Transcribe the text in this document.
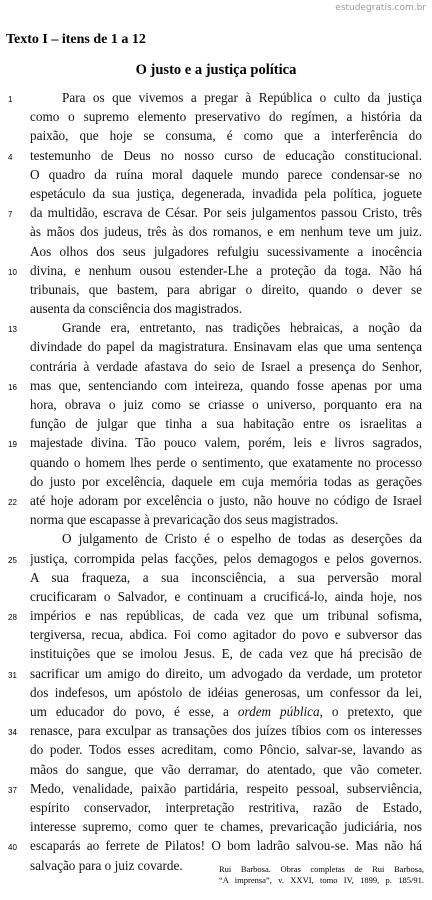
estudegratis.com.br
Texto I – itens de 1 a 12
O justo e a justiça política
1	Para os que vivemos a pregar à República o culto da justiça
como o supremo elemento preservativo do regímen, a história da
paixão, que hoje se consuma, é como que a interferência do
4 testemunho de Deus no nosso curso de educação constitucional.
O quadro da ruína moral daquele mundo parece condensar-se no
espetáculo da sua justiça, degenerada, invadida pela política, joguete
7 da multidão, escrava de César. Por seis julgamentos passou Cristo, três
às mãos dos judeus, três às dos romanos, e em nenhum teve um juiz.
Aos olhos dos seus julgadores refulgiu sucessivamente a inocência
10 divina, e nenhum ousou estender-Lhe a proteção da toga. Não há
tribunais, que bastem, para abrigar o direito, quando o dever se
ausenta da consciência dos magistrados.
13	Grande era, entretanto, nas tradições hebraicas, a noção da
divindade do papel da magistratura. Ensinavam elas que uma sentença
contrária à verdade afastava do seio de Israel a presença do Senhor,
16 mas que, sentenciando com inteireza, quando fosse apenas por uma
hora, obrava o juiz como se criasse o universo, porquanto era na
função de julgar que tinha a sua habitação entre os israelitas a
19 majestade divina. Tão pouco valem, porém, leis e livros sagrados,
quando o homem lhes perde o sentimento, que exatamente no processo
do justo por excelência, daquele em cuja memória todas as gerações
22 até hoje adoram por excelência o justo, não houve no código de Israel
norma que escapasse à prevaricação dos seus magistrados.
O julgamento de Cristo é o espelho de todas as deserções da
25 justiça, corrompida pelas facções, pelos demagogos e pelos governos.
A sua fraqueza, a sua inconsciência, a sua perversão moral
crucificaram o Salvador, e continuam a crucificá-lo, ainda hoje, nos
28 impérios e nas repúblicas, de cada vez que um tribunal sofisma,
tergiversa, recua, abdica. Foi como agitador do povo e subversor das
instituições que se imolou Jesus. E, de cada vez que há precisão de
31 sacrificar um amigo do direito, um advogado da verdade, um protetor
dos indefesos, um apóstolo de idéias generosas, um confessor da lei,
um educador do povo, é esse, a ordem pública, o pretexto, que
34 renasce, para exculpar as transações dos juízes tíbios com os interesses
do poder. Todos esses acreditam, como Pôncio, salvar-se, lavando as
mãos do sangue, que vão derramar, do atentado, que vão cometer.
37 Medo, venalidade, paixão partidária, respeito pessoal, subserviência,
espírito conservador, interpretação restritiva, razão de Estado,
interesse supremo, como quer te chames, prevaricação judiciária, nos
40 escaparás ao ferrete de Pilatos! O bom ladrão salvou-se. Mas não há
salvação para o juiz covarde.	Rui Barbosa. Obras completas de Rui Barbosa,
“A imprensa”, v. XXVI, tomo IV, 1899, p. 185/91.
